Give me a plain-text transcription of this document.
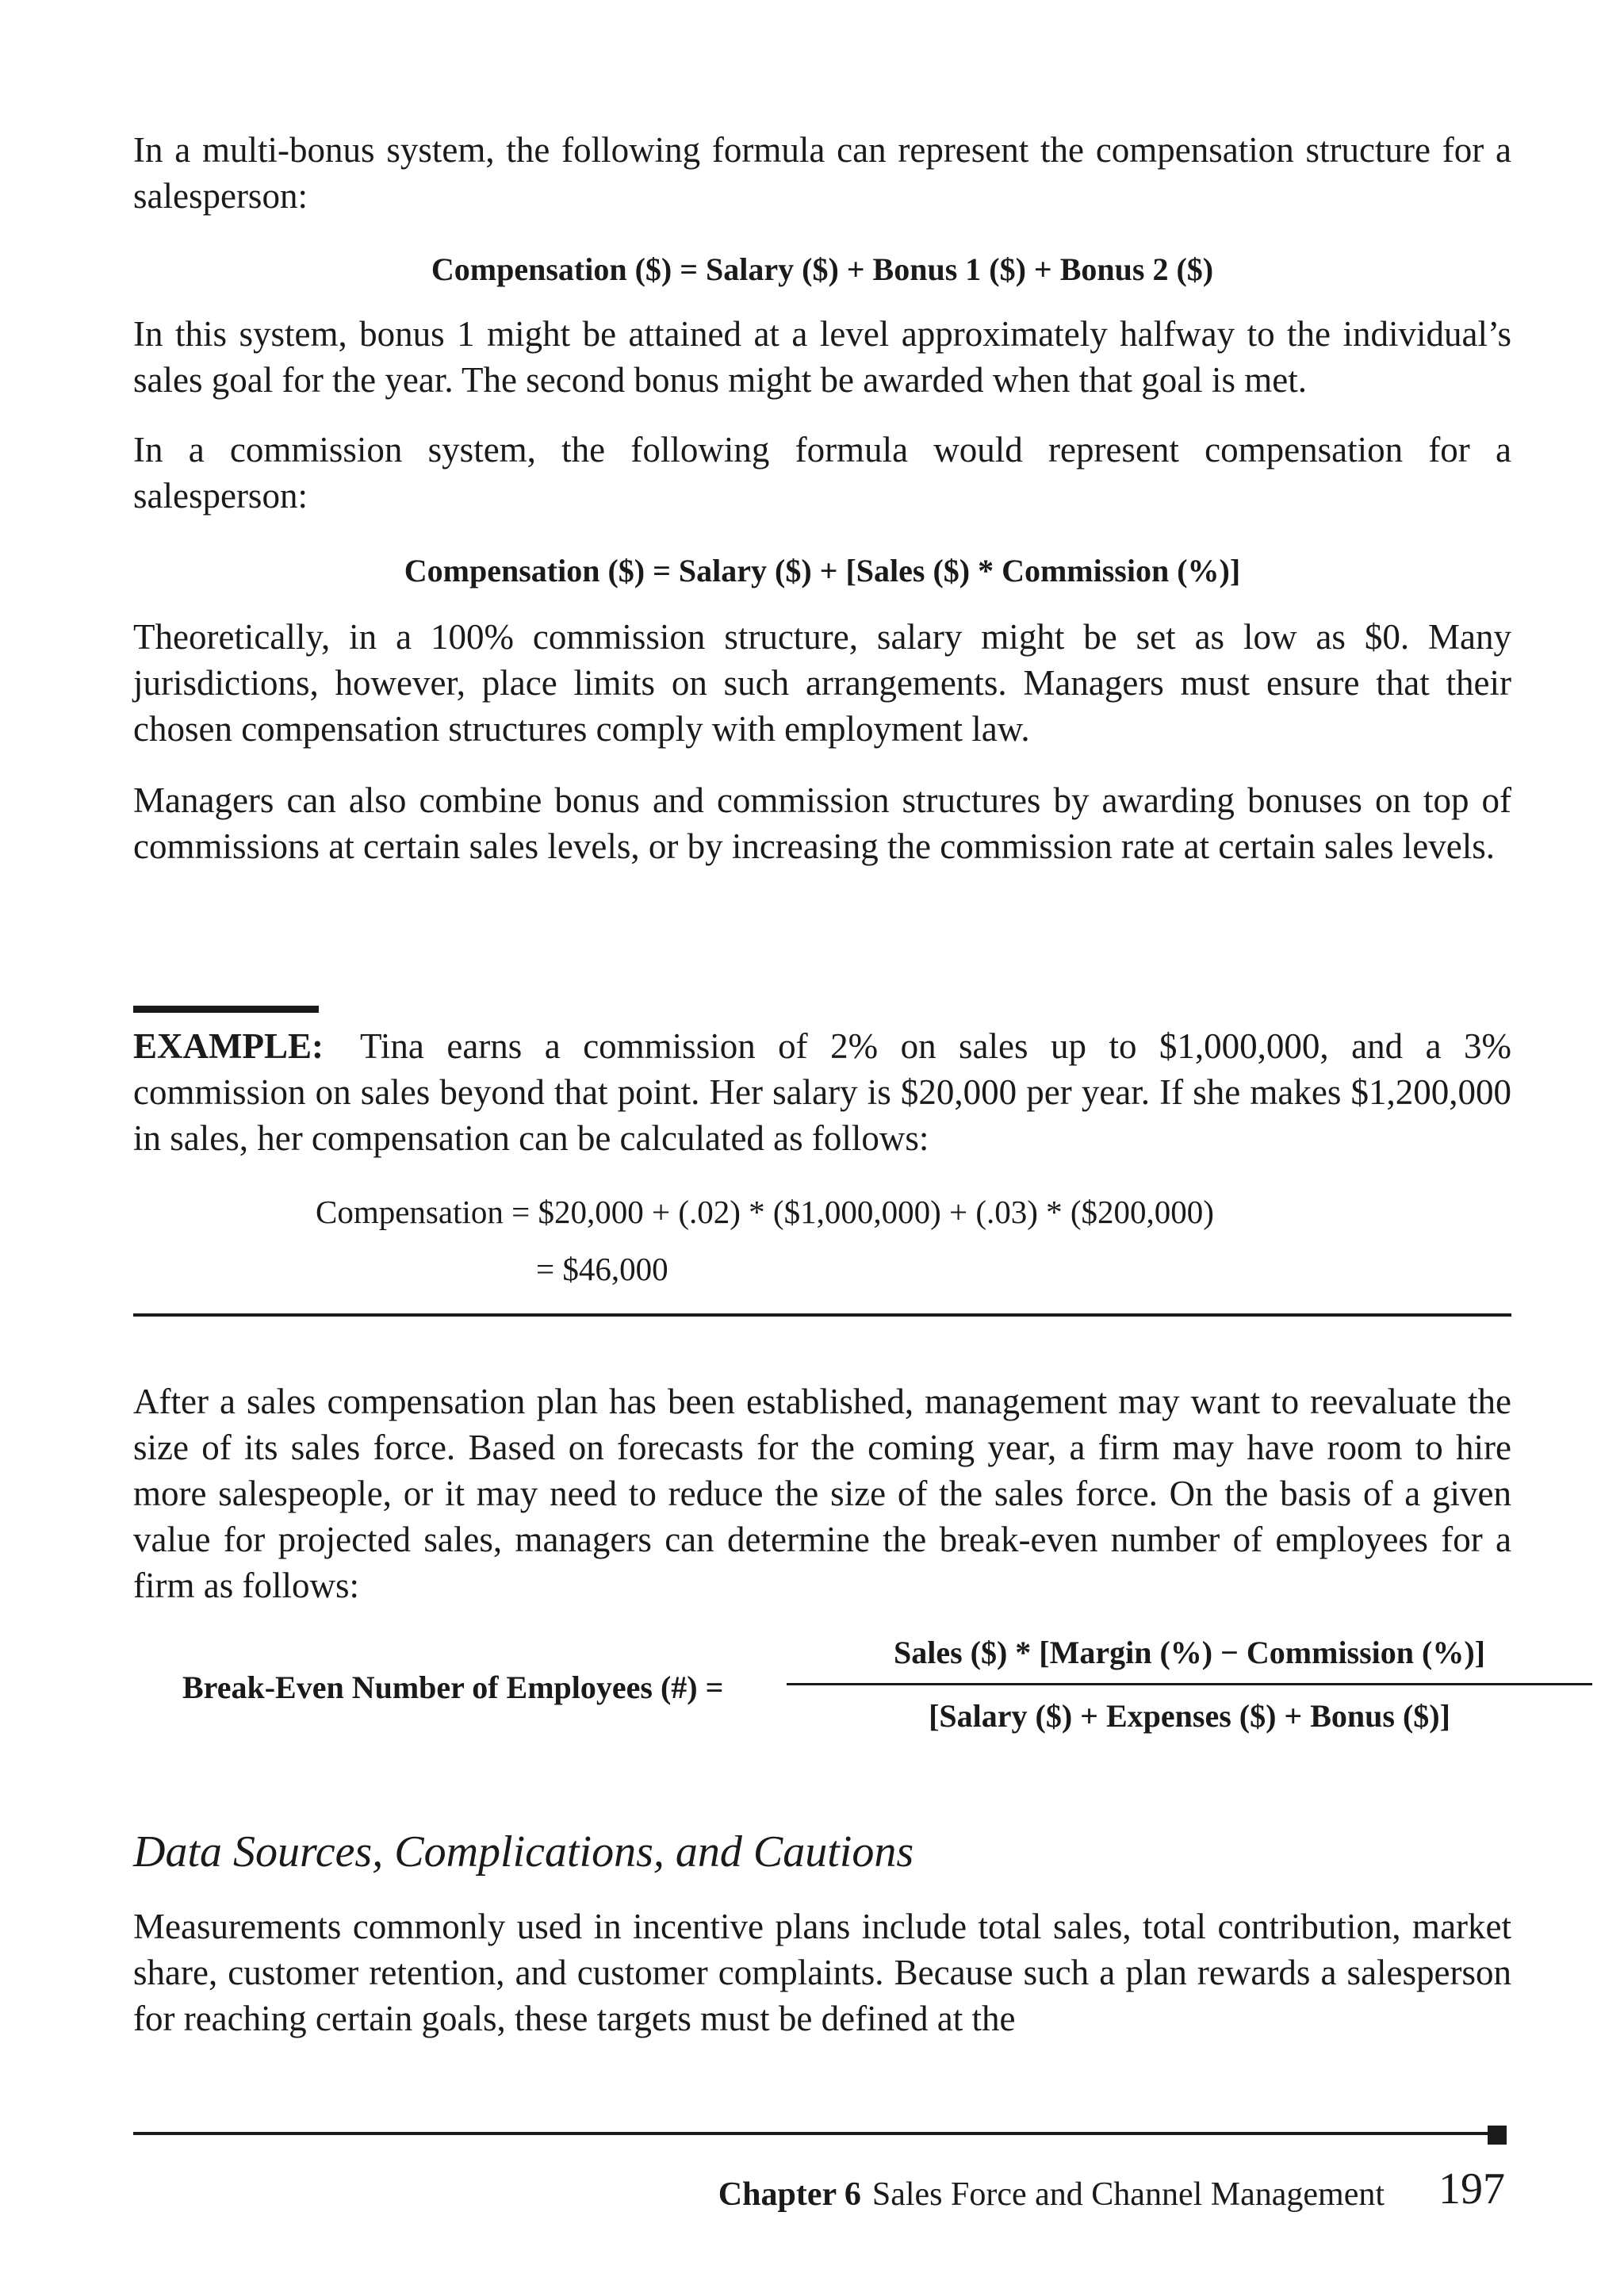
In a multi-bonus system, the following formula can represent the compensation structure for a salesperson:

Compensation ($) = Salary ($) + Bonus 1 ($) + Bonus 2 ($)

In this system, bonus 1 might be attained at a level approximately halfway to the individual’s sales goal for the year. The second bonus might be awarded when that goal is met.

In a commission system, the following formula would represent compensation for a salesperson:

Compensation ($) = Salary ($) + [Sales ($) * Commission (%)]

Theoretically, in a 100% commission structure, salary might be set as low as $0. Many jurisdictions, however, place limits on such arrangements. Managers must ensure that their chosen compensation structures comply with employment law.

Managers can also combine bonus and commission structures by awarding bonuses on top of commissions at certain sales levels, or by increasing the commission rate at certain sales levels.

EXAMPLE: Tina earns a commission of 2% on sales up to $1,000,000, and a 3% commission on sales beyond that point. Her salary is $20,000 per year. If she makes $1,200,000 in sales, her compensation can be calculated as follows:

Compensation = $20,000 + (.02) * ($1,000,000) + (.03) * ($200,000)
= $46,000

After a sales compensation plan has been established, management may want to reevaluate the size of its sales force. Based on forecasts for the coming year, a firm may have room to hire more salespeople, or it may need to reduce the size of the sales force. On the basis of a given value for projected sales, managers can determine the break-even number of employees for a firm as follows:

Break-Even Number of Employees (#) =
Sales ($) * [Margin (%) − Commission (%)]
[Salary ($) + Expenses ($) + Bonus ($)]
Data Sources, Complications, and Cautions

Measurements commonly used in incentive plans include total sales, total contribution, market share, customer retention, and customer complaints. Because such a plan rewards a salesperson for reaching certain goals, these targets must be defined at the

Chapter 6 Sales Force and Channel Management 197
